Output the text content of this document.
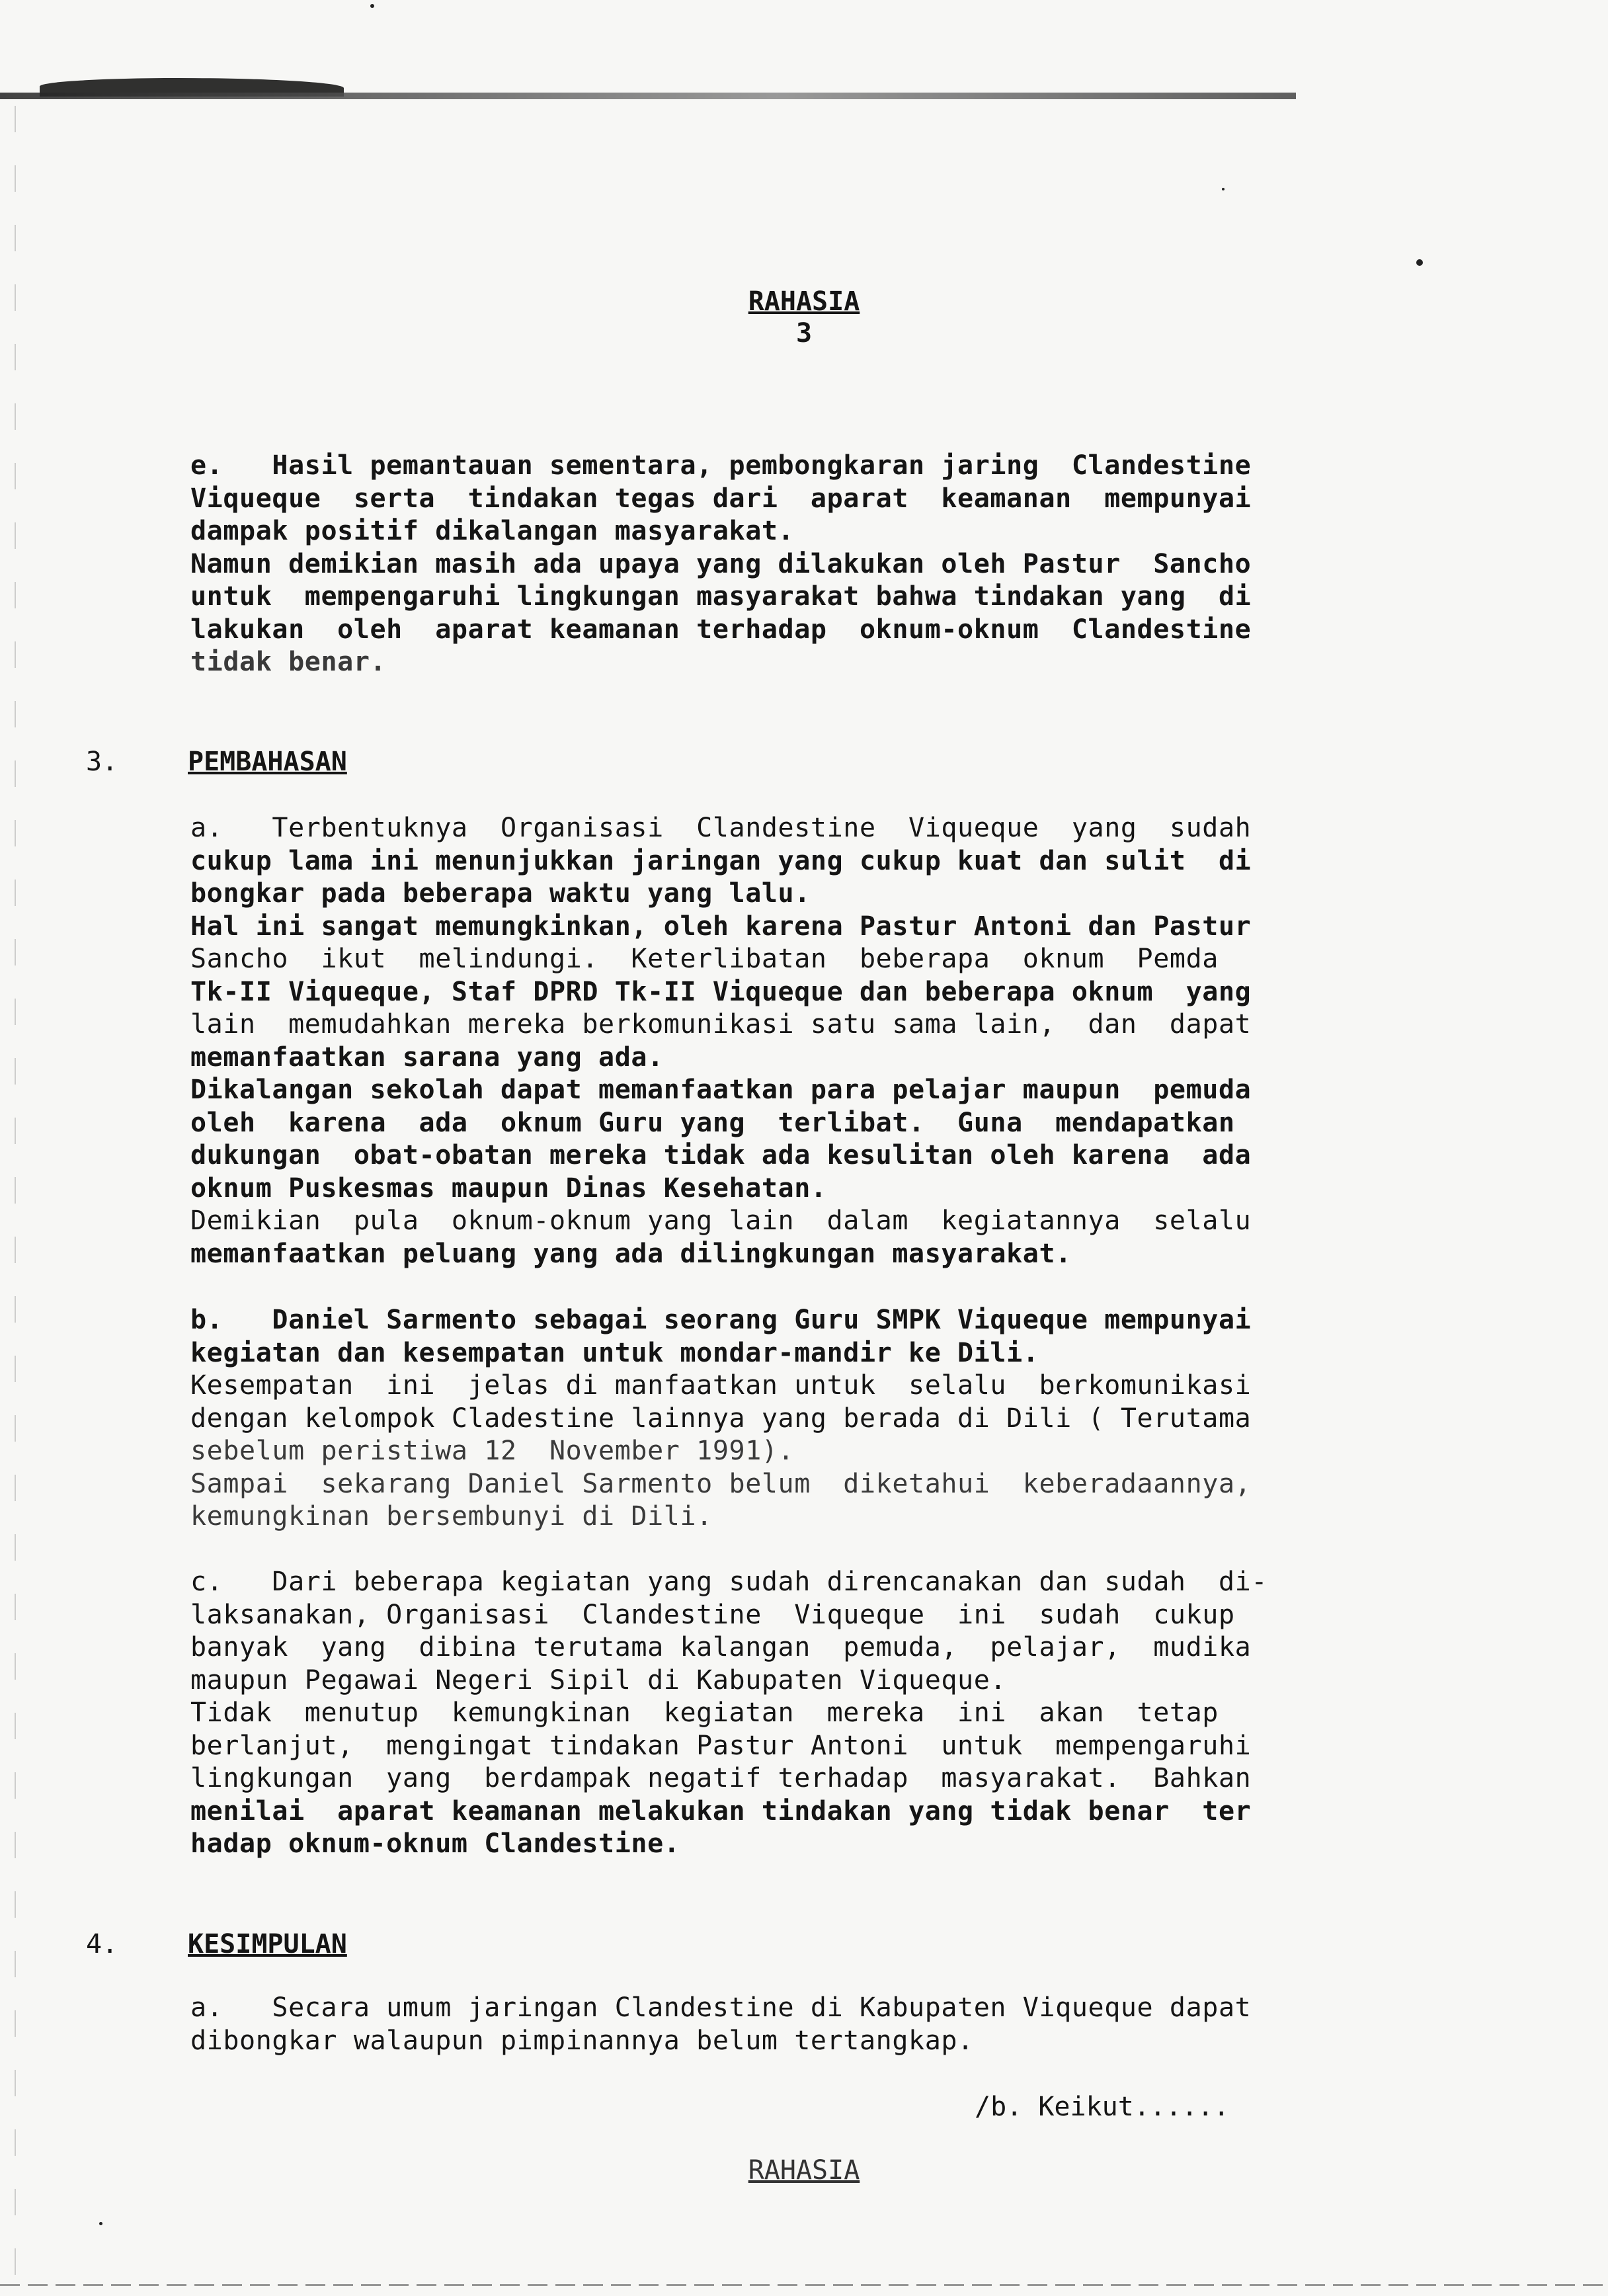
RAHASIA
3
e.   Hasil pemantauan sementara, pembongkaran jaring  Clandestine
Viqueque  serta  tindakan tegas dari  aparat  keamanan  mempunyai
dampak positif dikalangan masyarakat.
Namun demikian masih ada upaya yang dilakukan oleh Pastur  Sancho
untuk  mempengaruhi lingkungan masyarakat bahwa tindakan yang  di
lakukan  oleh  aparat keamanan terhadap  oknum-oknum  Clandestine
tidak benar.
3.	PEMBAHASAN
a.   Terbentuknya  Organisasi  Clandestine  Viqueque  yang  sudah
cukup lama ini menunjukkan jaringan yang cukup kuat dan sulit  di
bongkar pada beberapa waktu yang lalu.
Hal ini sangat memungkinkan, oleh karena Pastur Antoni dan Pastur
Sancho  ikut  melindungi.  Keterlibatan  beberapa  oknum  Pemda
Tk-II Viqueque, Staf DPRD Tk-II Viqueque dan beberapa oknum  yang
lain  memudahkan mereka berkomunikasi satu sama lain,  dan  dapat
memanfaatkan sarana yang ada.
Dikalangan sekolah dapat memanfaatkan para pelajar maupun  pemuda
oleh  karena  ada  oknum Guru yang  terlibat.  Guna  mendapatkan
dukungan  obat-obatan mereka tidak ada kesulitan oleh karena  ada
oknum Puskesmas maupun Dinas Kesehatan.
Demikian  pula  oknum-oknum yang lain  dalam  kegiatannya  selalu
memanfaatkan peluang yang ada dilingkungan masyarakat.
b.   Daniel Sarmento sebagai seorang Guru SMPK Viqueque mempunyai
kegiatan dan kesempatan untuk mondar-mandir ke Dili.
Kesempatan  ini  jelas di manfaatkan untuk  selalu  berkomunikasi
dengan kelompok Cladestine lainnya yang berada di Dili ( Terutama
sebelum peristiwa 12  November 1991).
Sampai  sekarang Daniel Sarmento belum  diketahui  keberadaannya,
kemungkinan bersembunyi di Dili.
c.   Dari beberapa kegiatan yang sudah direncanakan dan sudah  di-
laksanakan, Organisasi  Clandestine  Viqueque  ini  sudah  cukup
banyak  yang  dibina terutama kalangan  pemuda,  pelajar,  mudika
maupun Pegawai Negeri Sipil di Kabupaten Viqueque.
Tidak  menutup  kemungkinan  kegiatan  mereka  ini  akan  tetap
berlanjut,  mengingat tindakan Pastur Antoni  untuk  mempengaruhi
lingkungan  yang  berdampak negatif terhadap  masyarakat.  Bahkan
menilai  aparat keamanan melakukan tindakan yang tidak benar  ter
hadap oknum-oknum Clandestine.
4.	KESIMPULAN
a.   Secara umum jaringan Clandestine di Kabupaten Viqueque dapat
dibongkar walaupun pimpinannya belum tertangkap.
/b. Keikut......
RAHASIA
